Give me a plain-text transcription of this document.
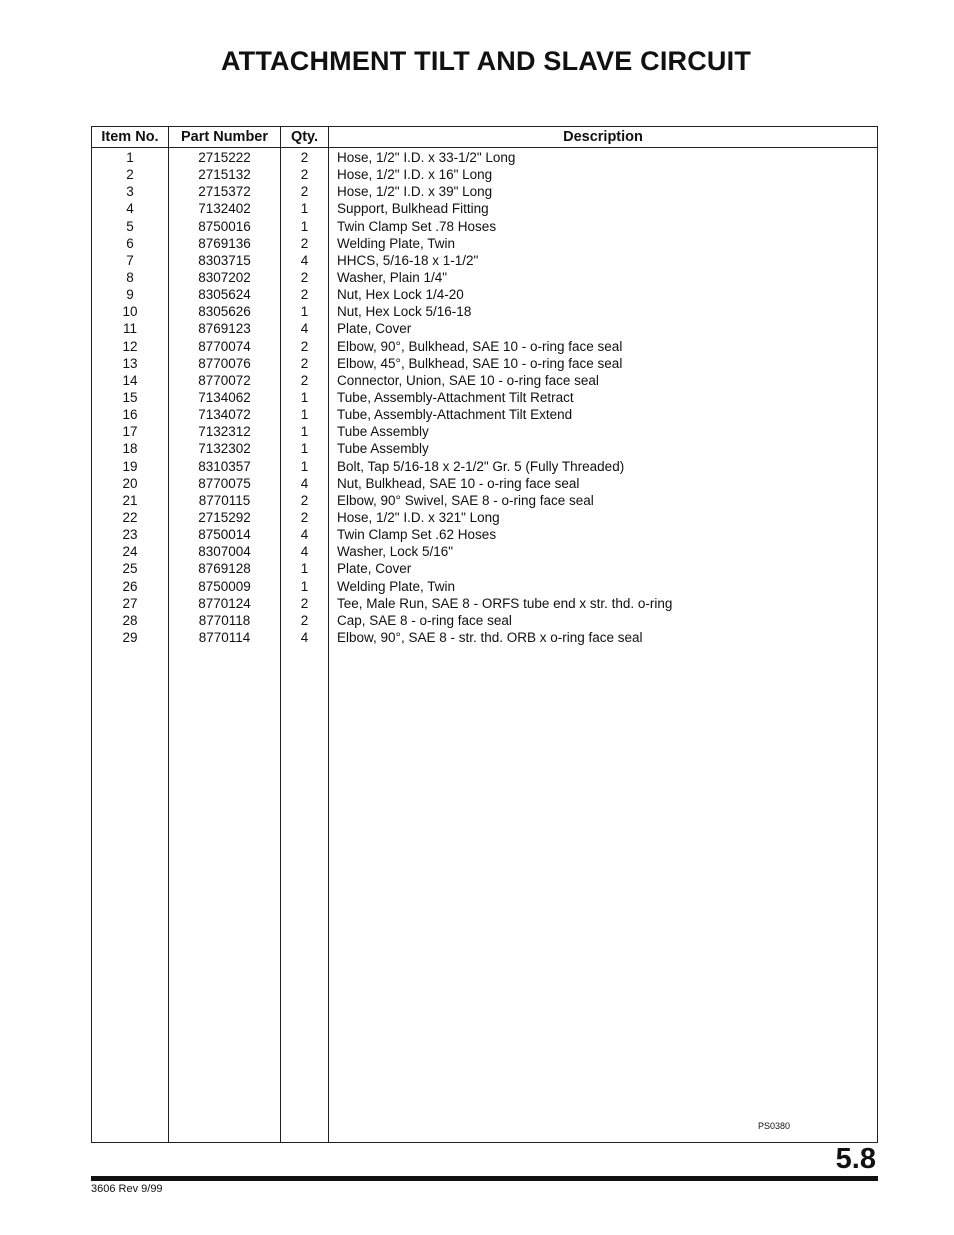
ATTACHMENT TILT AND SLAVE CIRCUIT
Item No.	Part Number	Qty.	Description
1	2715222	2	Hose, 1/2" I.D. x 33-1/2" Long
2	2715132	2	Hose, 1/2" I.D. x 16" Long
3	2715372	2	Hose, 1/2" I.D. x 39" Long
4	7132402	1	Support, Bulkhead Fitting
5	8750016	1	Twin Clamp Set .78 Hoses
6	8769136	2	Welding Plate, Twin
7	8303715	4	HHCS, 5/16-18 x 1-1/2"
8	8307202	2	Washer, Plain 1/4"
9	8305624	2	Nut, Hex Lock 1/4-20
10	8305626	1	Nut, Hex Lock 5/16-18
11	8769123	4	Plate, Cover
12	8770074	2	Elbow, 90°, Bulkhead, SAE 10 - o-ring face seal
13	8770076	2	Elbow, 45°, Bulkhead, SAE 10 - o-ring face seal
14	8770072	2	Connector, Union, SAE 10 - o-ring face seal
15	7134062	1	Tube, Assembly-Attachment Tilt Retract
16	7134072	1	Tube, Assembly-Attachment Tilt Extend
17	7132312	1	Tube Assembly
18	7132302	1	Tube Assembly
19	8310357	1	Bolt, Tap 5/16-18 x 2-1/2" Gr. 5 (Fully Threaded)
20	8770075	4	Nut, Bulkhead, SAE 10 - o-ring face seal
21	8770115	2	Elbow, 90° Swivel, SAE 8 - o-ring face seal
22	2715292	2	Hose, 1/2" I.D. x 321" Long
23	8750014	4	Twin Clamp Set .62 Hoses
24	8307004	4	Washer, Lock 5/16"
25	8769128	1	Plate, Cover
26	8750009	1	Welding Plate, Twin
27	8770124	2	Tee, Male Run, SAE 8 - ORFS tube end x str. thd. o-ring
28	8770118	2	Cap, SAE 8 - o-ring face seal
29	8770114	4	Elbow, 90°, SAE 8 - str. thd. ORB x o-ring face seal
PS0380
5.8
3606 Rev 9/99
